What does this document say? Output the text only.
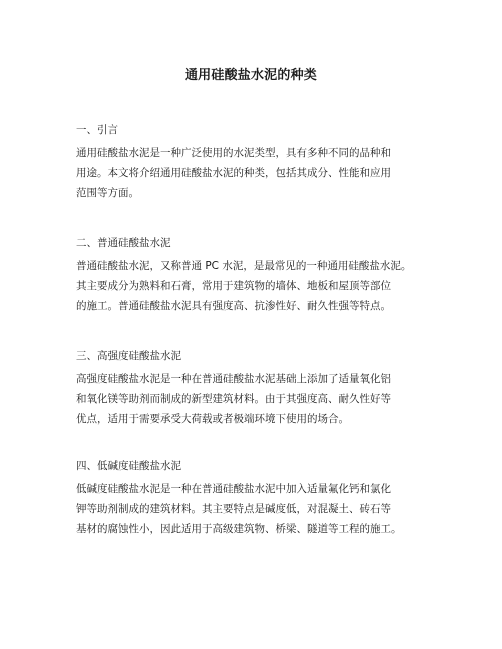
通用硅酸盐水泥的种类
一、引言
通用硅酸盐水泥是一种广泛使用的水泥类型，具有多种不同的品种和
用途。本文将介绍通用硅酸盐水泥的种类，包括其成分、性能和应用
范围等方面。
二、普通硅酸盐水泥
普通硅酸盐水泥，又称普通 PC 水泥，是最常见的一种通用硅酸盐水泥。
其主要成分为熟料和石膏，常用于建筑物的墙体、地板和屋顶等部位
的施工。普通硅酸盐水泥具有强度高、抗渗性好、耐久性强等特点。
三、高强度硅酸盐水泥
高强度硅酸盐水泥是一种在普通硅酸盐水泥基础上添加了适量氧化铝
和氧化镁等助剂而制成的新型建筑材料。由于其强度高、耐久性好等
优点，适用于需要承受大荷载或者极端环境下使用的场合。
四、低碱度硅酸盐水泥
低碱度硅酸盐水泥是一种在普通硅酸盐水泥中加入适量氟化钙和氯化
钾等助剂制成的建筑材料。其主要特点是碱度低，对混凝土、砖石等
基材的腐蚀性小，因此适用于高级建筑物、桥梁、隧道等工程的施工。
